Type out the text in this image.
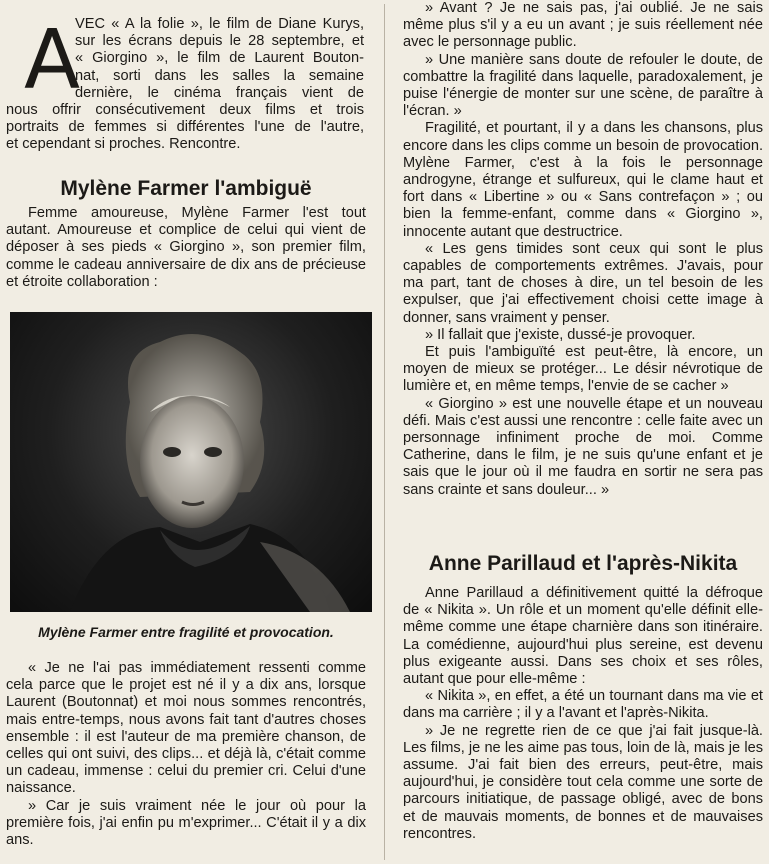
A
VEC « A la folie », le film de Diane Kurys,
sur les écrans depuis le 28 septembre, et
« Giorgino », le film de Laurent Bouton-
nat, sorti dans les salles la semaine
dernière, le cinéma français vient de
nous offrir consécutivement deux films et trois
portraits de femmes si différentes l'une de l'autre,
et cependant si proches. Rencontre.
Mylène Farmer l'ambiguë

Femme amoureuse, Mylène Farmer l'est tout autant. Amoureuse et complice de celui qui vient de déposer à ses pieds « Giorgino », son premier film, comme le cadeau anniversaire de dix ans de précieuse et étroite collaboration :

Mylène Farmer entre fragilité et provocation.

« Je ne l'ai pas immédiatement ressenti comme cela parce que le projet est né il y a dix ans, lorsque Laurent (Boutonnat) et moi nous sommes rencontrés, mais entre-temps, nous avons fait tant d'autres choses ensemble : il est l'auteur de ma première chanson, de celles qui ont suivi, des clips... et déjà là, c'était comme un cadeau, immense : celui du premier cri. Celui d'une naissance.

» Car je suis vraiment née le jour où pour la première fois, j'ai enfin pu m'exprimer... C'était il y a dix ans.

» Avant ? Je ne sais pas, j'ai oublié. Je ne sais même plus s'il y a eu un avant ; je suis réellement née avec le personnage public.

» Une manière sans doute de refouler le doute, de combattre la fragilité dans laquelle, paradoxalement, je puise l'énergie de monter sur une scène, de paraître à l'écran. »

Fragilité, et pourtant, il y a dans les chansons, plus encore dans les clips comme un besoin de provocation. Mylène Farmer, c'est à la fois le personnage androgyne, étrange et sulfureux, qui le clame haut et fort dans « Libertine » ou « Sans contrefaçon » ; ou bien la femme-enfant, comme dans « Giorgino », innocente autant que destructrice.

« Les gens timides sont ceux qui sont le plus capables de comportements extrêmes. J'avais, pour ma part, tant de choses à dire, un tel besoin de les expulser, que j'ai effectivement choisi cette image à donner, sans vraiment y penser.

» Il fallait que j'existe, dussé-je provoquer.

Et puis l'ambiguïté est peut-être, là encore, un moyen de mieux se protéger... Le désir névrotique de lumière et, en même temps, l'envie de se cacher »

« Giorgino » est une nouvelle étape et un nouveau défi. Mais c'est aussi une rencontre : celle faite avec un personnage infiniment proche de moi. Comme Catherine, dans le film, je ne suis qu'une enfant et je sais que le jour où il me faudra en sortir ne sera pas sans crainte et sans douleur... »

Anne Parillaud et l'après-Nikita

Anne Parillaud a définitivement quitté la défroque de « Nikita ». Un rôle et un moment qu'elle définit elle-même comme une étape charnière dans son itinéraire. La comédienne, aujourd'hui plus sereine, est devenu plus exigeante aussi. Dans ses choix et ses rôles, autant que pour elle-même :

« Nikita », en effet, a été un tournant dans ma vie et dans ma carrière ; il y a l'avant et l'après-Nikita.

» Je ne regrette rien de ce que j'ai fait jusque-là. Les films, je ne les aime pas tous, loin de là, mais je les assume. J'ai fait bien des erreurs, peut-être, mais aujourd'hui, je considère tout cela comme une sorte de parcours initiatique, de passage obligé, avec de bons et de mauvais moments, de bonnes et de mauvaises rencontres.
